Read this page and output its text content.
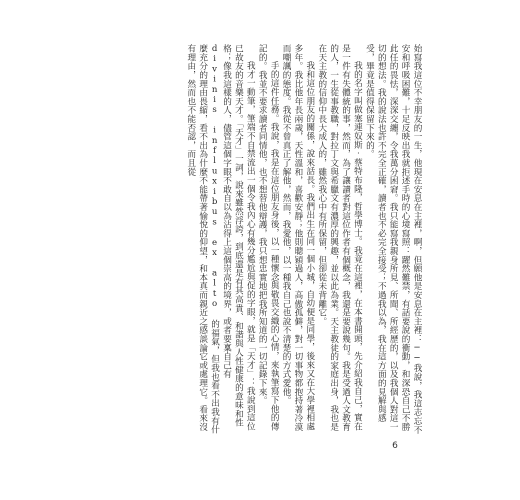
始寫我這位不幸朋友的一生，他現在安息在主裡，啊，但願他是安息在主裡：──我說，我這志忘不安和呼吸困難，十足反映出我就拒述手時的心境寫照：躍然難禁，有話要說的衝動，和深恐自己不勝此任的畏怯，深深交纏，令我萬分困窘。我只能寫我親身所見、所聞、所經歷的，以及我個人對這一切的想法。我的說法也許不完全正確，讀者也不必完全接受；不過我以為，我在這方面的見解與感受，畢竟是值得保留下來的。

我的名字叫做塞連奴斯‧蔡特布隆，哲學博士。我竟在這裡，在本書開頭，先介紹我自己，實在是一件有失體統的事，然而，為了讓讀者對這位作者有個概念，我還是要說幾句。我是受過人文教育的人，一生從事教職，對拉丁文與希臘文有濃厚的興趣，並以此為業。天主教徒的家庭出身，我也是在天主教的信仰中長大成人的，雖然我心中有所保留，但卻從未背離它。

我和這位朋友的關係，說來話長。我們出生在同一個小城，自幼便是同學，後來又在大學裡相處多年。我比他年長兩歲，天性溫和，喜歡安靜；他則聰穎過人，高傲孤僻，對一切事物都抱持著冷漠而嘲諷的態度。我從不曾真正了解他，然而，我愛他，以一種我自己也說不清楚的方式愛他。

手的這件任務。我說，我是在這位朋友身後，以一種懷念與敬畏交織的心情，來執筆寫下他的傳記的。我並不要求讀者同情他，也不想替他辯護，我只想忠實地把我所知道的一切記錄下來。

我才一動筆，筆端不自禁流出一個令我內心有幾分尷尬與促的字眼，就是「天才」：我說到這位已故友的音樂天才。「天才」一詞，說來雖然浮誇，到底還是有其高貴、和諧與人性健康的意味和性格；像我這樣的人，儘管這個字眼不敢自以為沾得上這個崇高的境界，或者要稟自己有 divinis influxibus ex alto 的福氣，但我也看不出我有什麼充分的理由畏縮，看不出為什麼不能帶著愉悅的仰望，和本真而親近之感談論它或處理它。看來沒有理由，然而也不能否認，而且從

6
